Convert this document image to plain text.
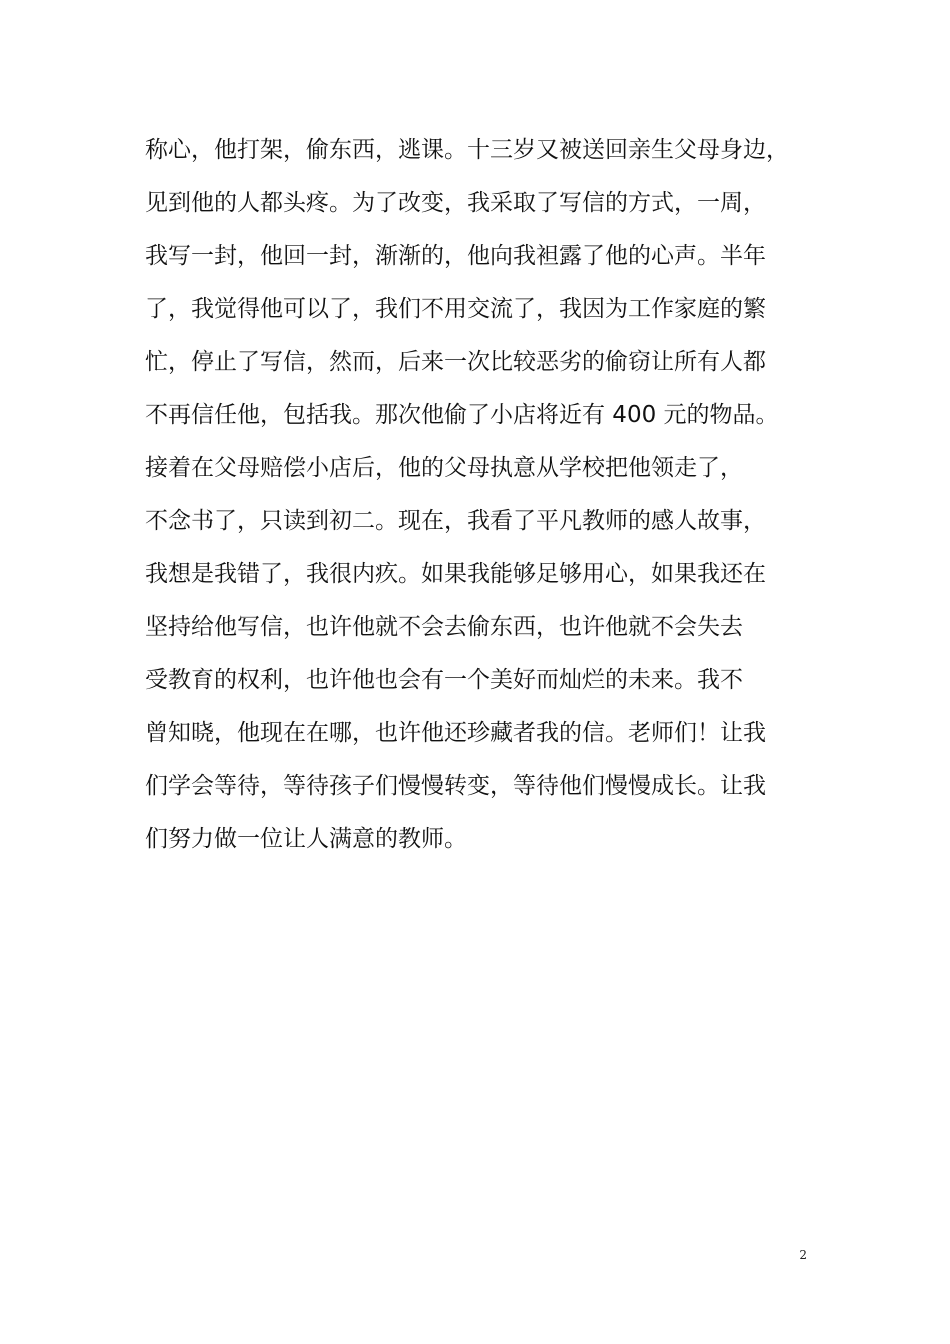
称心，他打架，偷东西，逃课。十三岁又被送回亲生父母身边，
见到他的人都头疼。为了改变，我采取了写信的方式，一周，
我写一封，他回一封，渐渐的，他向我袒露了他的心声。半年
了，我觉得他可以了，我们不用交流了，我因为工作家庭的繁
忙，停止了写信，然而，后来一次比较恶劣的偷窃让所有人都
不再信任他，包括我。那次他偷了小店将近有 400 元的物品。
接着在父母赔偿小店后，他的父母执意从学校把他领走了，
不念书了，只读到初二。现在，我看了平凡教师的感人故事，
我想是我错了，我很内疚。如果我能够足够用心，如果我还在
坚持给他写信，也许他就不会去偷东西，也许他就不会失去
受教育的权利，也许他也会有一个美好而灿烂的未来。我不
曾知晓，他现在在哪，也许他还珍藏者我的信。老师们！让我
们学会等待，等待孩子们慢慢转变，等待他们慢慢成长。让我
们努力做一位让人满意的教师。
2
